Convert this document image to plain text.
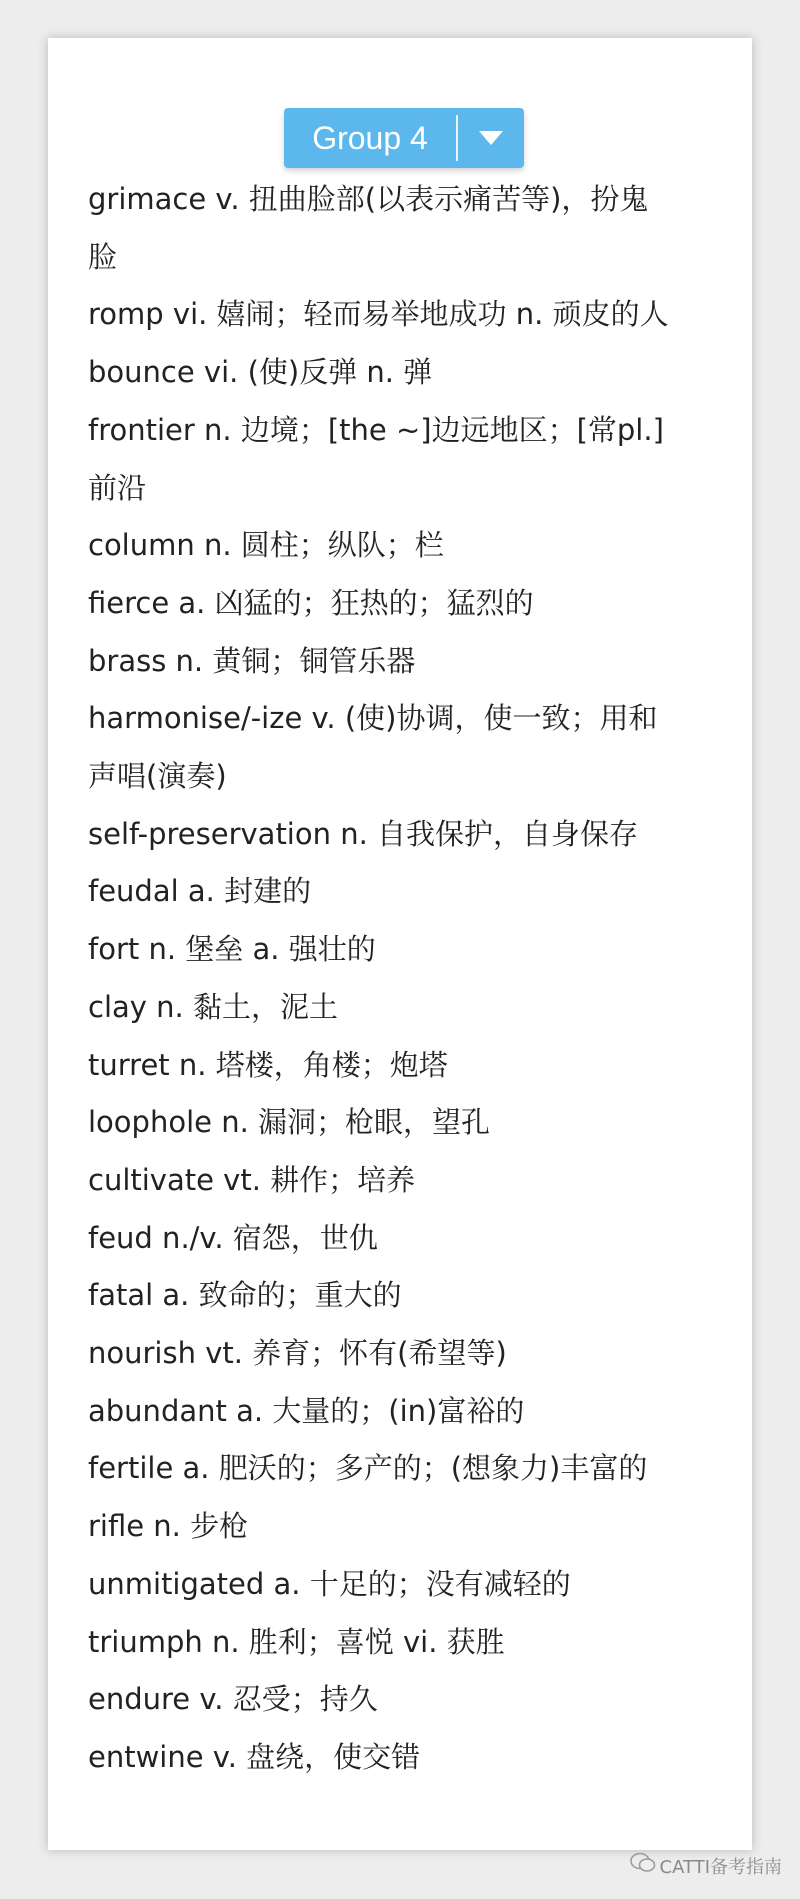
Group 4
grimace v. 扭曲脸部(以表示痛苦等)，扮鬼
脸
romp vi. 嬉闹；轻而易举地成功 n. 顽皮的人
bounce vi. (使)反弹 n. 弹
frontier n. 边境；[the ~]边远地区；[常pl.]
前沿
column n. 圆柱；纵队；栏
fierce a. 凶猛的；狂热的；猛烈的
brass n. 黄铜；铜管乐器
harmonise/-ize v. (使)协调，使一致；用和
声唱(演奏)
self-preservation n. 自我保护，自身保存
feudal a. 封建的
fort n. 堡垒 a. 强壮的
clay n. 黏土，泥土
turret n. 塔楼，角楼；炮塔
loophole n. 漏洞；枪眼，望孔
cultivate vt. 耕作；培养
feud n./v. 宿怨，世仇
fatal a. 致命的；重大的
nourish vt. 养育；怀有(希望等)
abundant a. 大量的；(in)富裕的
fertile a. 肥沃的；多产的；(想象力)丰富的
rifle n. 步枪
unmitigated a. 十足的；没有减轻的
triumph n. 胜利；喜悦 vi. 获胜
endure v. 忍受；持久
entwine v. 盘绕，使交错
CATTI备考指南
